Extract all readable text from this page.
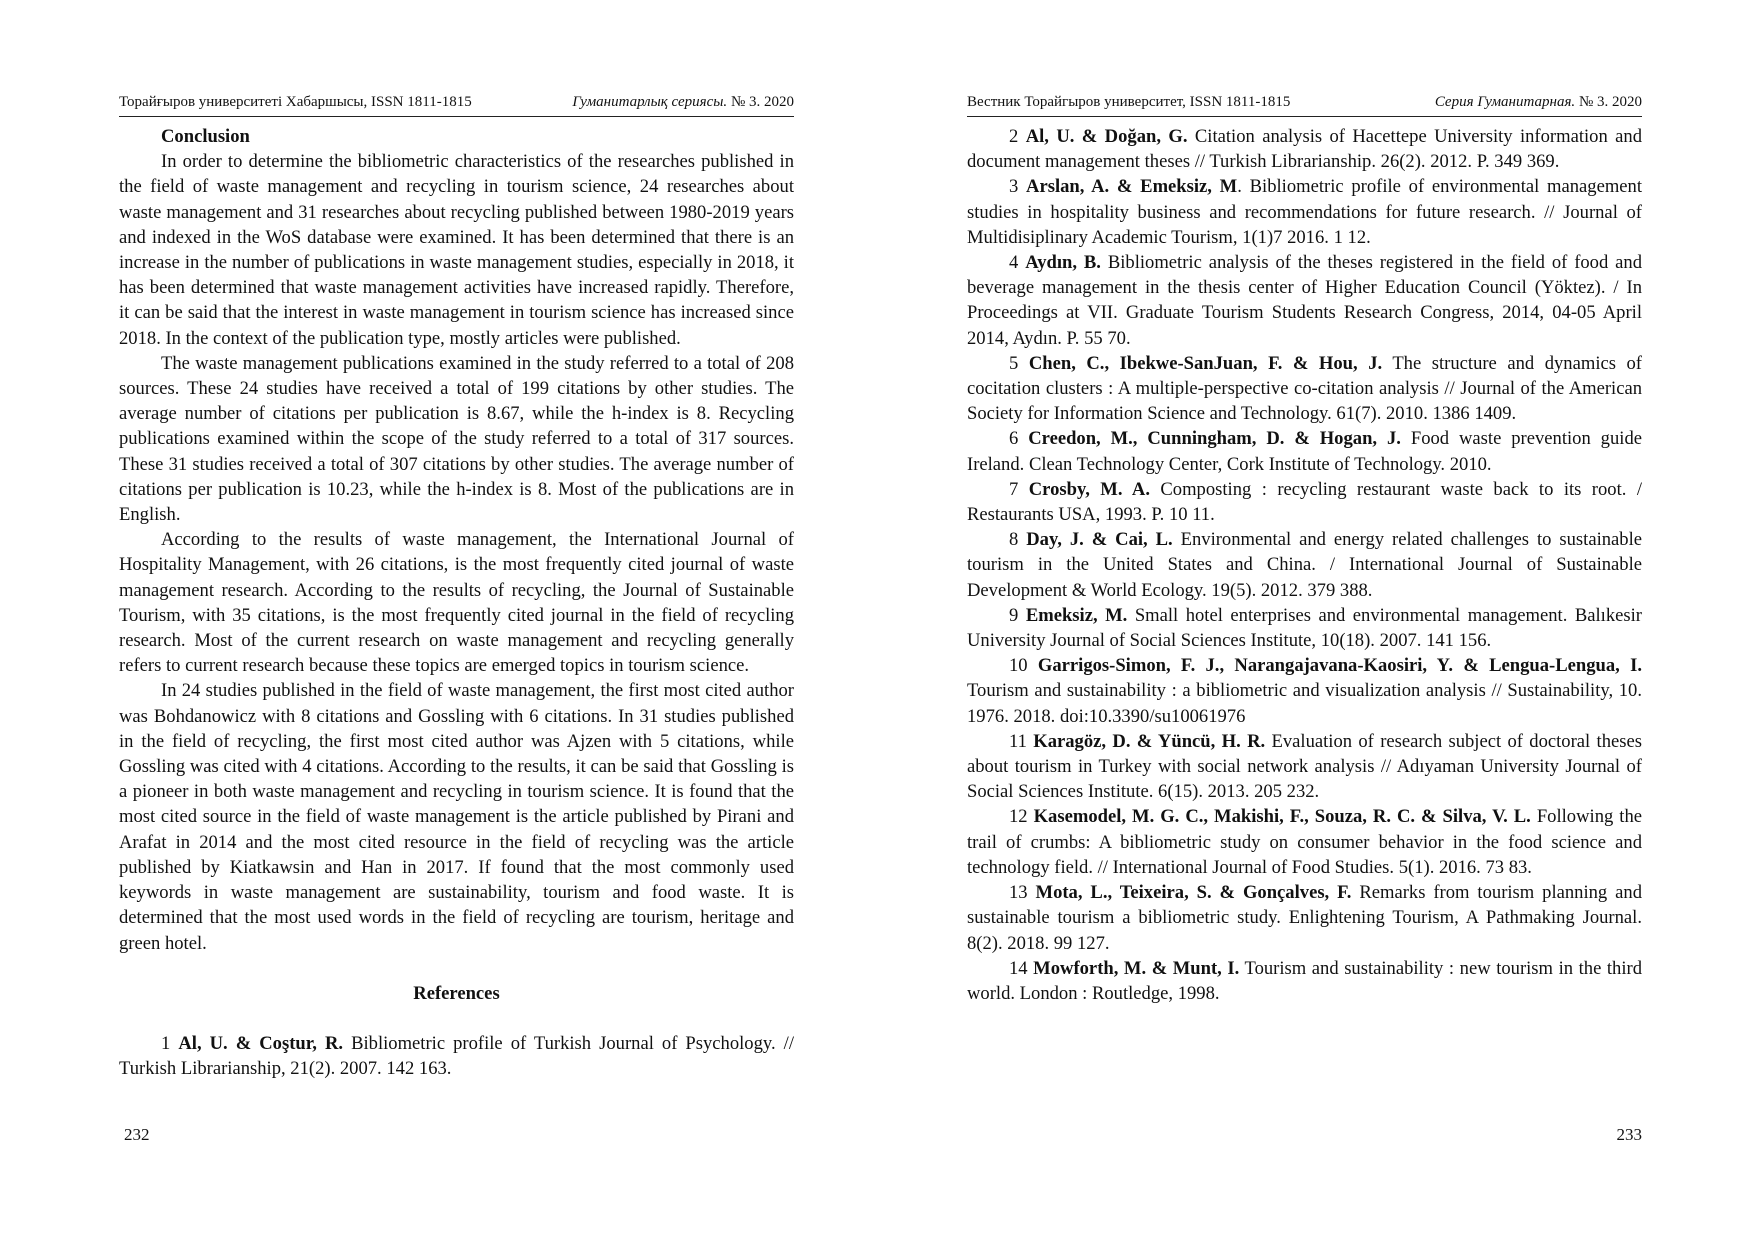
Торайғыров университеті Хабаршысы, ISSN 1811-1815	Гуманитарлық сериясы. № 3. 2020
Conclusion

In order to determine the bibliometric characteristics of the researches published in the field of waste management and recycling in tourism science, 24 researches about waste management and 31 researches about recycling published between 1980-2019 years and indexed in the WoS database were examined. It has been determined that there is an increase in the number of publications in waste management studies, especially in 2018, it has been determined that waste management activities have increased rapidly. Therefore, it can be said that the interest in waste management in tourism science has increased since 2018. In the context of the publication type, mostly articles were published.

The waste management publications examined in the study referred to a total of 208 sources. These 24 studies have received a total of 199 citations by other studies. The average number of citations per publication is 8.67, while the h-index is 8. Recycling publications examined within the scope of the study referred to a total of 317 sources. These 31 studies received a total of 307 citations by other studies. The average number of citations per publication is 10.23, while the h-index is 8. Most of the publications are in English.

According to the results of waste management, the International Journal of Hospitality Management, with 26 citations, is the most frequently cited journal of waste management research. According to the results of recycling, the Journal of Sustainable Tourism, with 35 citations, is the most frequently cited journal in the field of recycling research. Most of the current research on waste management and recycling generally refers to current research because these topics are emerged topics in tourism science.

In 24 studies published in the field of waste management, the first most cited author was Bohdanowicz with 8 citations and Gossling with 6 citations. In 31 studies published in the field of recycling, the first most cited author was Ajzen with 5 citations, while Gossling was cited with 4 citations. According to the results, it can be said that Gossling is a pioneer in both waste management and recycling in tourism science. It is found that the most cited source in the field of waste management is the article published by Pirani and Arafat in 2014 and the most cited resource in the field of recycling was the article published by Kiatkawsin and Han in 2017. If found that the most commonly used keywords in waste management are sustainability, tourism and food waste. It is determined that the most used words in the field of recycling are tourism, heritage and green hotel.

References

1 Al, U. & Coştur, R. Bibliometric profile of Turkish Journal of Psychology. // Turkish Librarianship, 21(2). 2007. 142 163.

232
Вестник Торайгыров университет, ISSN 1811-1815	Серия Гуманитарная. № 3. 2020

2 Al, U. & Doğan, G. Citation analysis of Hacettepe University information and document management theses // Turkish Librarianship. 26(2). 2012. P. 349 369.

3 Arslan, A. & Emeksiz, M. Bibliometric profile of environmental management studies in hospitality business and recommendations for future research. // Journal of Multidisiplinary Academic Tourism, 1(1)7 2016. 1 12.

4 Aydın, B. Bibliometric analysis of the theses registered in the field of food and beverage management in the thesis center of Higher Education Council (Yöktez). / In Proceedings at VII. Graduate Tourism Students Research Congress, 2014, 04-05 April 2014, Aydın. P. 55 70.

5 Chen, C., Ibekwe-SanJuan, F. & Hou, J. The structure and dynamics of cocitation clusters : A multiple-perspective co-citation analysis // Journal of the American Society for Information Science and Technology. 61(7). 2010. 1386 1409.

6 Creedon, M., Cunningham, D. & Hogan, J. Food waste prevention guide Ireland. Clean Technology Center, Cork Institute of Technology. 2010.

7 Crosby, M. A. Composting : recycling restaurant waste back to its root. / Restaurants USA, 1993. P. 10 11.

8 Day, J. & Cai, L. Environmental and energy related challenges to sustainable tourism in the United States and China. / International Journal of Sustainable Development & World Ecology. 19(5). 2012. 379 388.

9 Emeksiz, M. Small hotel enterprises and environmental management. Balıkesir University Journal of Social Sciences Institute, 10(18). 2007. 141 156.

10 Garrigos-Simon, F. J., Narangajavana-Kaosiri, Y. & Lengua-Lengua, I. Tourism and sustainability : a bibliometric and visualization analysis // Sustainability, 10. 1976. 2018. doi:10.3390/su10061976

11 Karagöz, D. & Yüncü, H. R. Evaluation of research subject of doctoral theses about tourism in Turkey with social network analysis // Adıyaman University Journal of Social Sciences Institute. 6(15). 2013. 205 232.

12 Kasemodel, M. G. C., Makishi, F., Souza, R. C. & Silva, V. L. Following the trail of crumbs: A bibliometric study on consumer behavior in the food science and technology field. // International Journal of Food Studies. 5(1). 2016. 73 83.

13 Mota, L., Teixeira, S. & Gonçalves, F. Remarks from tourism planning and sustainable tourism a bibliometric study. Enlightening Tourism, A Pathmaking Journal. 8(2). 2018. 99 127.

14 Mowforth, M. & Munt, I. Tourism and sustainability : new tourism in the third world. London : Routledge, 1998.

233
